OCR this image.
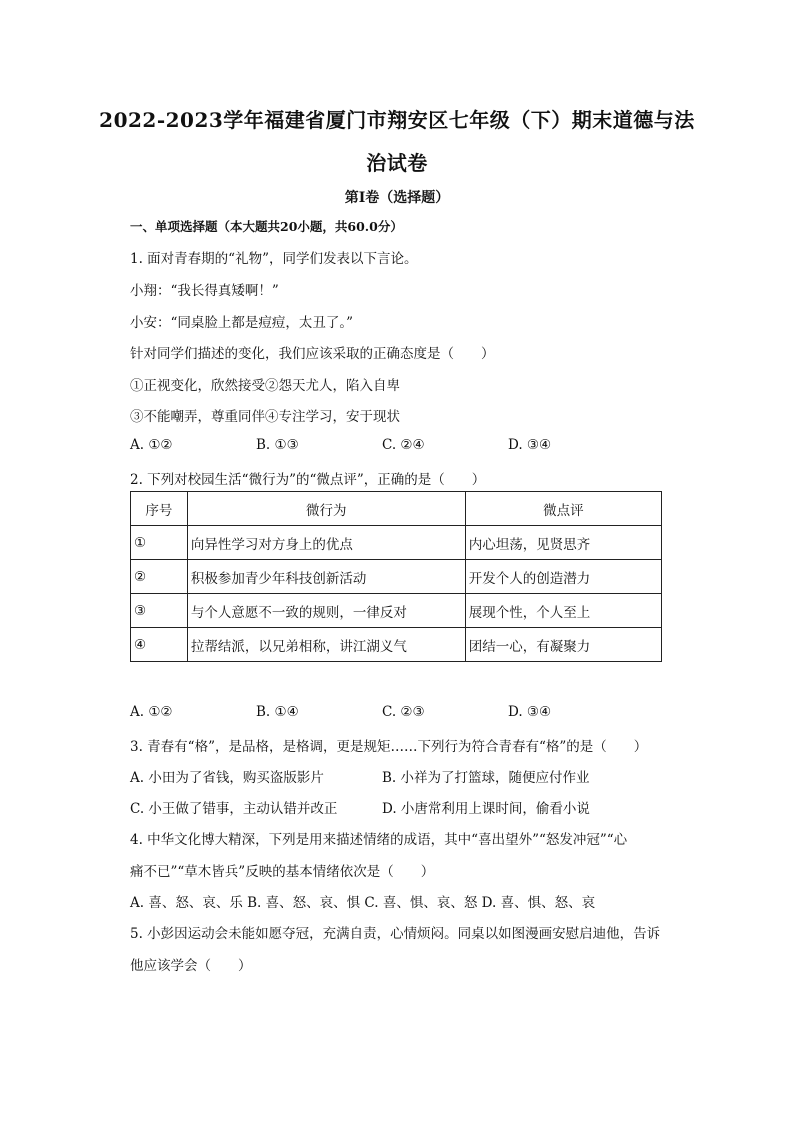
2022-2023学年福建省厦门市翔安区七年级（下）期末道德与法
治试卷
第I卷（选择题）
一、单项选择题（本大题共20小题，共60.0分）
1. 面对青春期的“礼物”，同学们发表以下言论。
小翔：“我长得真矮啊！”
小安：“同桌脸上都是痘痘，太丑了。”
针对同学们描述的变化，我们应该采取的正确态度是（　　）
①正视变化，欣然接受②怨天尤人，陷入自卑
③不能嘲弄，尊重同伴④专注学习，安于现状
A. ①②	B. ①③	C. ②④	D. ③④
2. 下列对校园生活“微行为”的“微点评”，正确的是（　　）
序号	微行为	微点评
①	向异性学习对方身上的优点	内心坦荡，见贤思齐
②	积极参加青少年科技创新活动	开发个人的创造潜力
③	与个人意愿不一致的规则，一律反对	展现个性，个人至上
④	拉帮结派，以兄弟相称，讲江湖义气	团结一心，有凝聚力
A. ①②	B. ①④	C. ②③	D. ③④
3. 青春有“格”，是品格，是格调，更是规矩……下列行为符合青春有“格”的是（　　）
A. 小田为了省钱，购买盗版影片	B. 小祥为了打篮球，随便应付作业
C. 小王做了错事，主动认错并改正	D. 小唐常利用上课时间，偷看小说
4. 中华文化博大精深，下列是用来描述情绪的成语，其中“喜出望外”“怒发冲冠”“心
痛不已”“草木皆兵”反映的基本情绪依次是（　　）
A. 喜、怒、哀、乐 B. 喜、怒、哀、惧 C. 喜、惧、哀、怒 D. 喜、惧、怒、哀
5. 小彭因运动会未能如愿夺冠，充满自责，心情烦闷。同桌以如图漫画安慰启迪他，告诉
他应该学会（　　）
